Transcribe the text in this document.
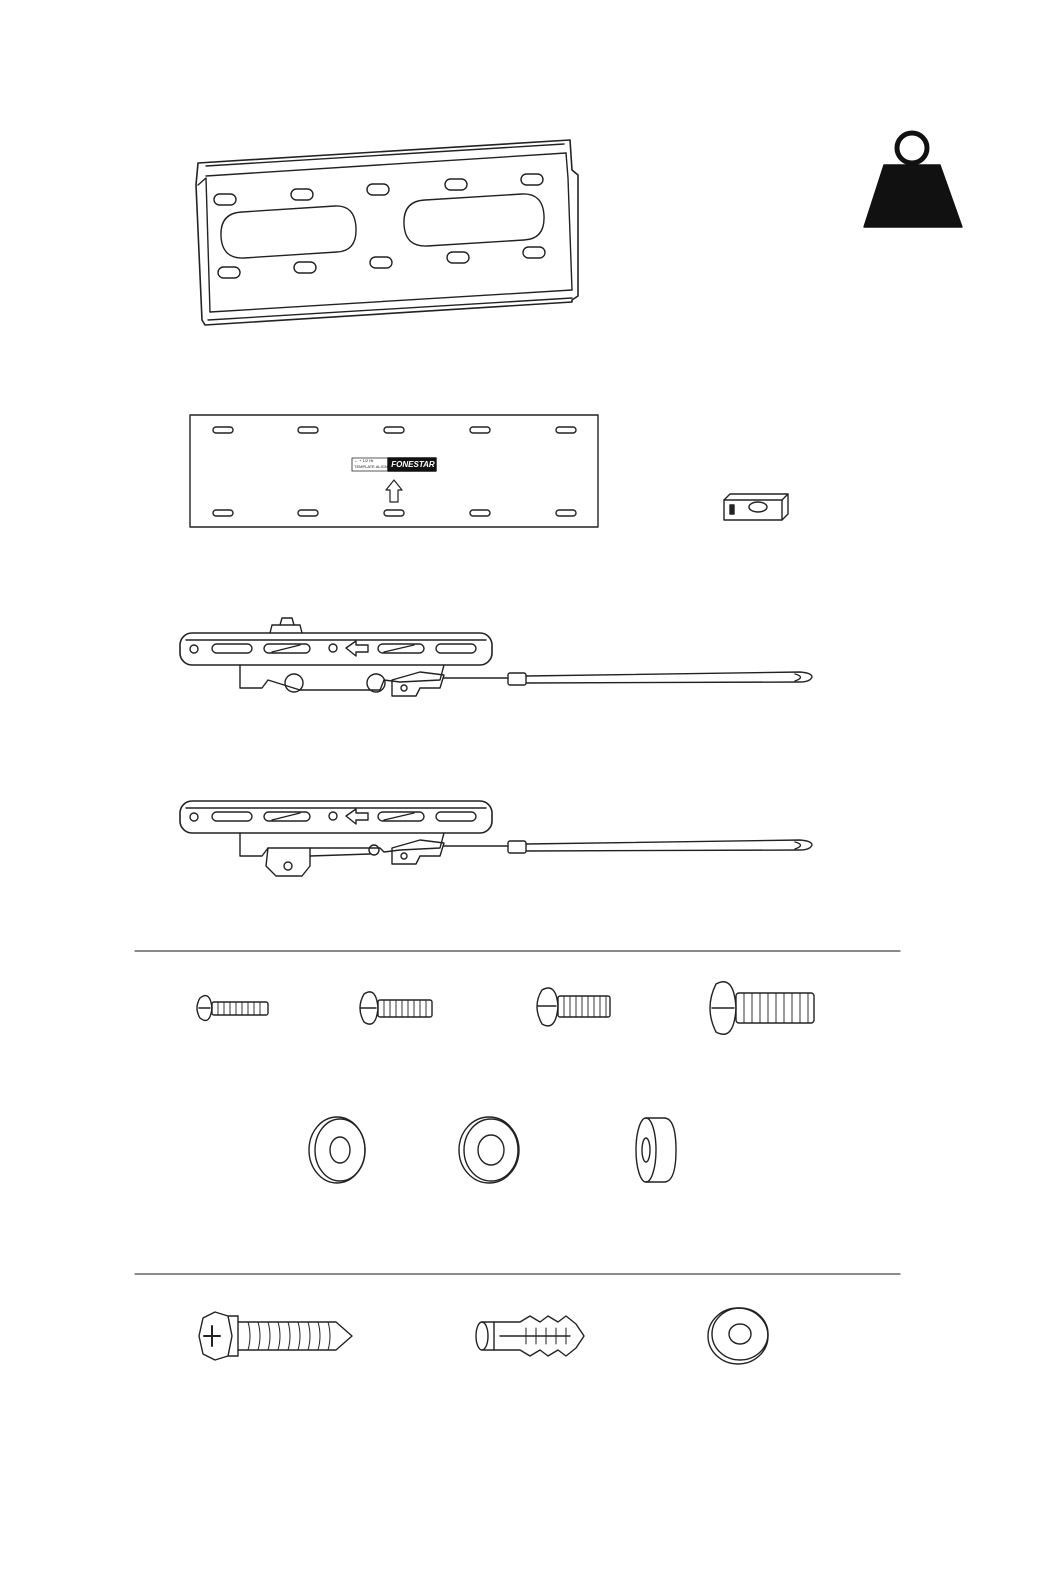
↔ + 1/2 Ht
TEMPLATE ALIGN ↦ FONESTAR
